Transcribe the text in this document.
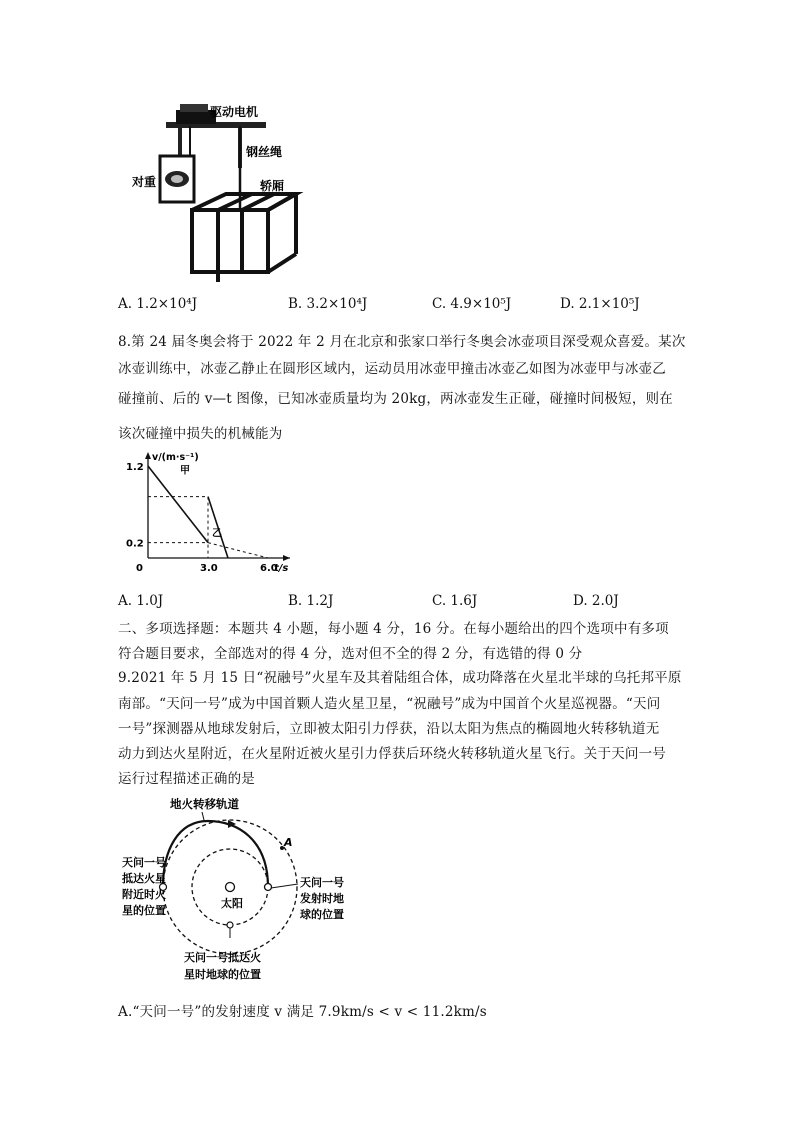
驱动电机
钢丝绳
对重	轿厢
A. 1.2×10⁴J	B. 3.2×10⁴J	C. 4.9×10⁵J	D. 2.1×10⁵J
8.第 24 届冬奥会将于 2022 年 2 月在北京和张家口举行冬奥会冰壶项目深受观众喜爱。某次
冰壶训练中，冰壶乙静止在圆形区域内，运动员用冰壶甲撞击冰壶乙如图为冰壶甲与冰壶乙
碰撞前、后的 v—t 图像，已知冰壶质量均为 20kg，两冰壶发生正碰，碰撞时间极短，则在
该次碰撞中损失的机械能为
甲
乙
v/(m·s⁻¹)
t/s
1.2
0.2
0	3.0	6.0
A. 1.0J	B. 1.2J	C. 1.6J	D. 2.0J
二、多项选择题：本题共 4 小题，每小题 4 分，16 分。在每小题给出的四个选项中有多项
符合题目要求，全部选对的得 4 分，选对但不全的得 2 分，有选错的得 0 分
9.2021 年 5 月 15 日“祝融号”火星车及其着陆组合体，成功降落在火星北半球的乌托邦平原
南部。“天问一号”成为中国首颗人造火星卫星，“祝融号”成为中国首个火星巡视器。“天问
一号”探测器从地球发射后，立即被太阳引力俘获，沿以太阳为焦点的椭圆地火转移轨道无
动力到达火星附近，在火星附近被火星引力俘获后环绕火转移轨道火星飞行。关于天问一号
运行过程描述正确的是
A
太阳
地火转移轨道
天问一号
抵达火星
附近时火
星的位置
天问一号
发射时地
球的位置
天问一号抵达火
星时地球的位置
A.“天问一号”的发射速度 v 满足 7.9km/s < v < 11.2km/s
